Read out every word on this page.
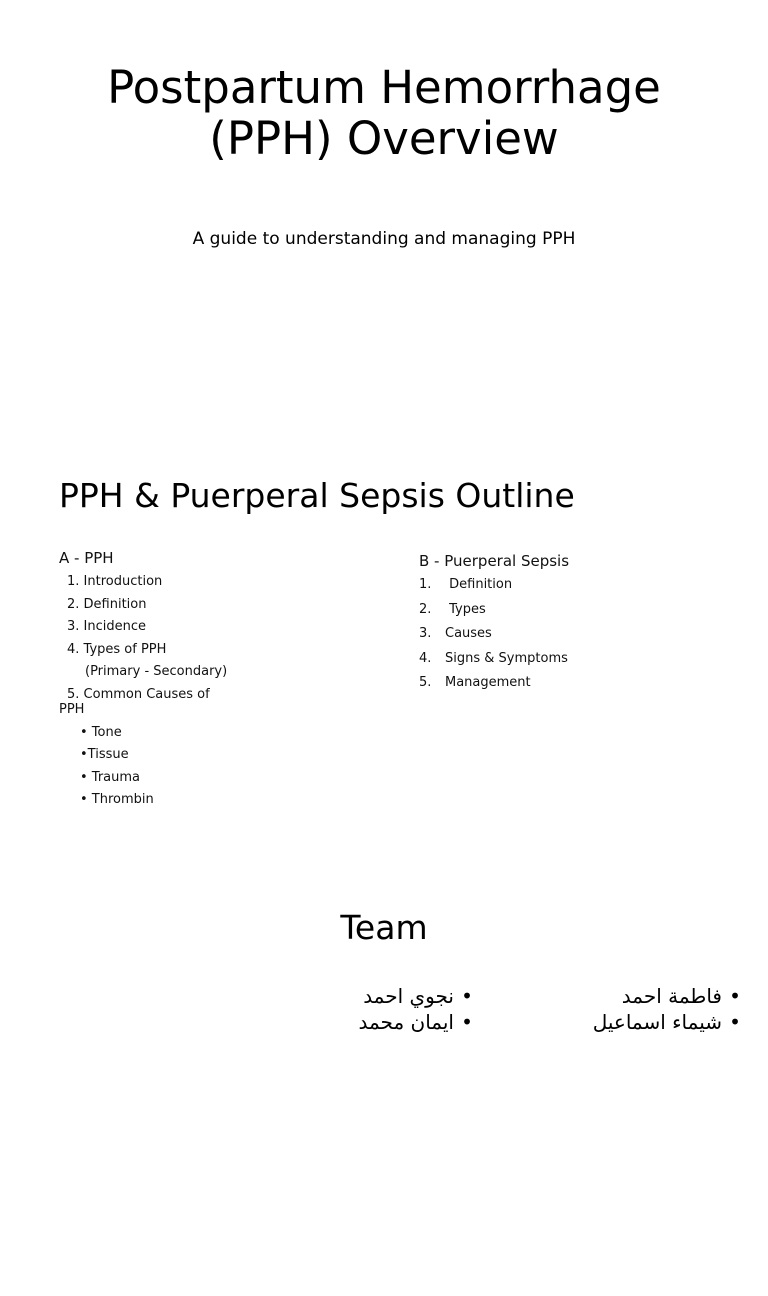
Postpartum Hemorrhage (PPH) Overview
A guide to understanding and managing PPH
PPH & Puerperal Sepsis Outline
A - PPH
1. Introduction
2. Definition
3. Incidence
4. Types of PPH
(Primary - Secondary)
5. Common Causes of PPH
• Tone
•Tissue
• Trauma
• Thrombin
B - Puerperal Sepsis
1. Definition
2. Types
3. Causes
4. Signs & Symptoms
5. Management
Team
•فاطمة احمد
•شيماء اسماعيل
•نجوي احمد
•ايمان محمد
